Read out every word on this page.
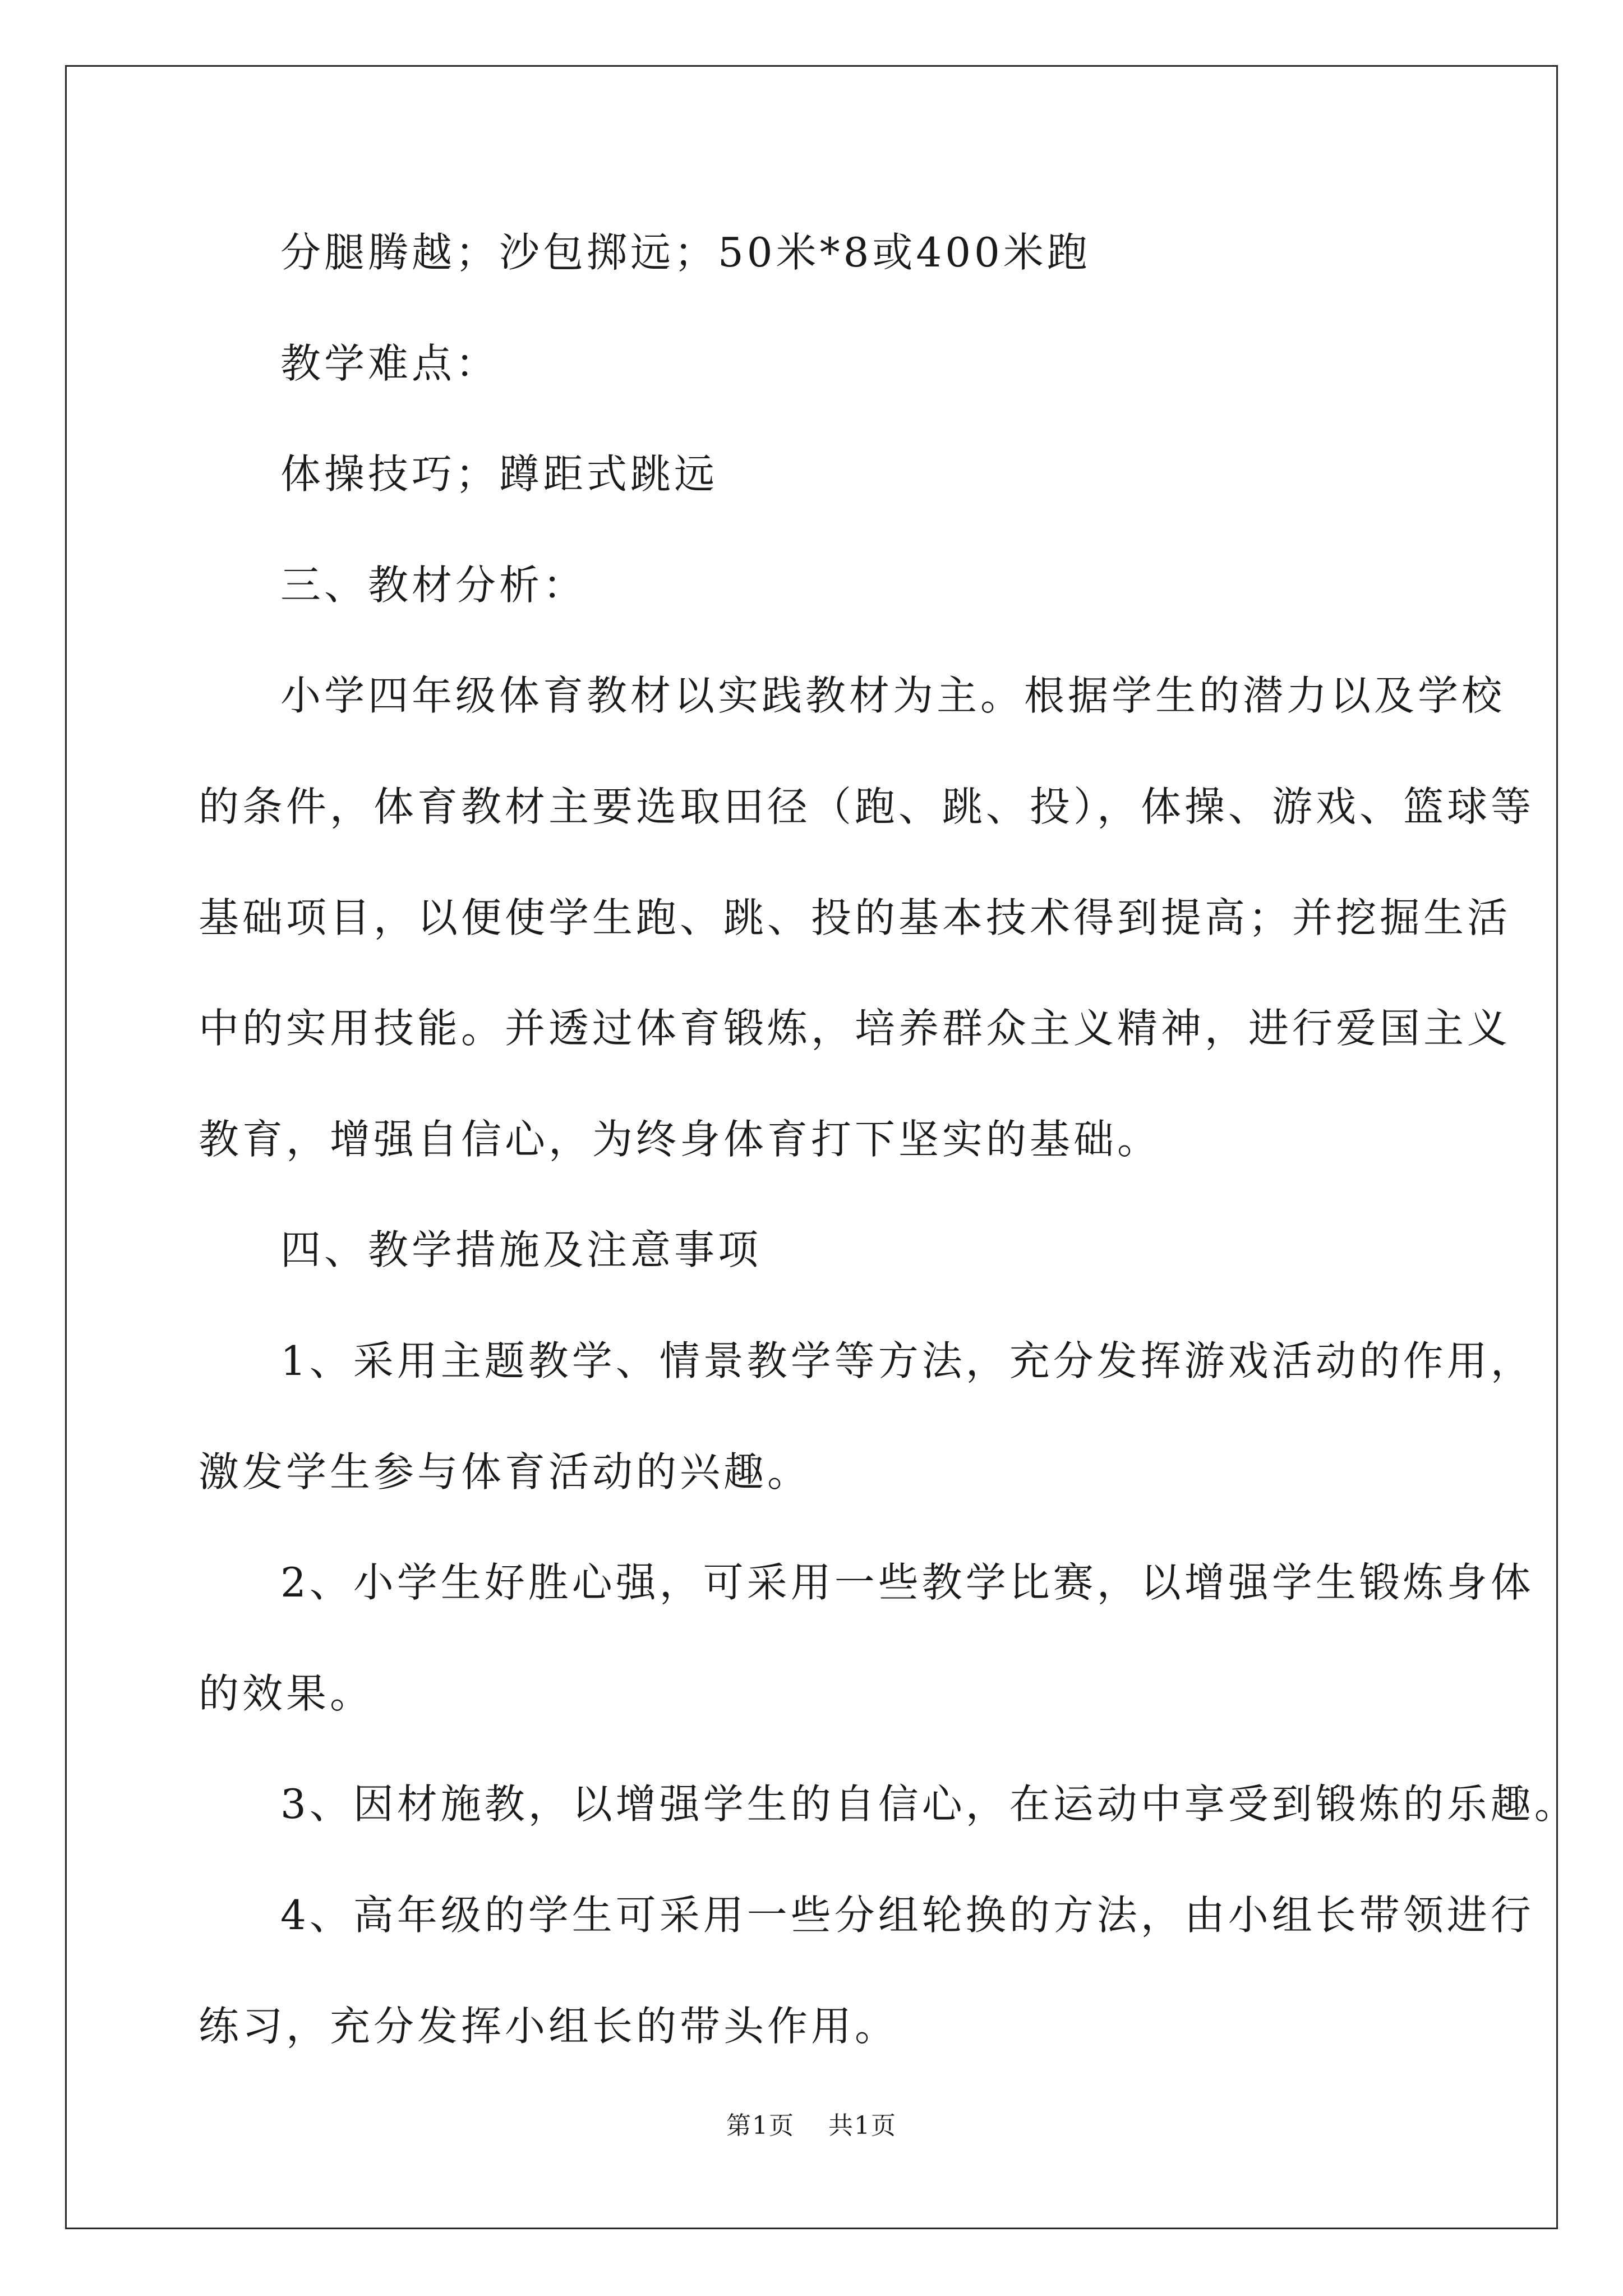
分腿腾越；沙包掷远；50米*8或400米跑
教学难点：
体操技巧；蹲距式跳远
三、教材分析：
小学四年级体育教材以实践教材为主。根据学生的潜力以及学校
的条件，体育教材主要选取田径（跑、跳、投），体操、游戏、篮球等
基础项目，以便使学生跑、跳、投的基本技术得到提高；并挖掘生活
中的实用技能。并透过体育锻炼，培养群众主义精神，进行爱国主义
教育，增强自信心，为终身体育打下坚实的基础。
四、教学措施及注意事项
1、采用主题教学、情景教学等方法，充分发挥游戏活动的作用，
激发学生参与体育活动的兴趣。
2、小学生好胜心强，可采用一些教学比赛，以增强学生锻炼身体
的效果。
3、因材施教，以增强学生的自信心，在运动中享受到锻炼的乐趣。
4、高年级的学生可采用一些分组轮换的方法，由小组长带领进行
练习，充分发挥小组长的带头作用。
第1页 共1页
